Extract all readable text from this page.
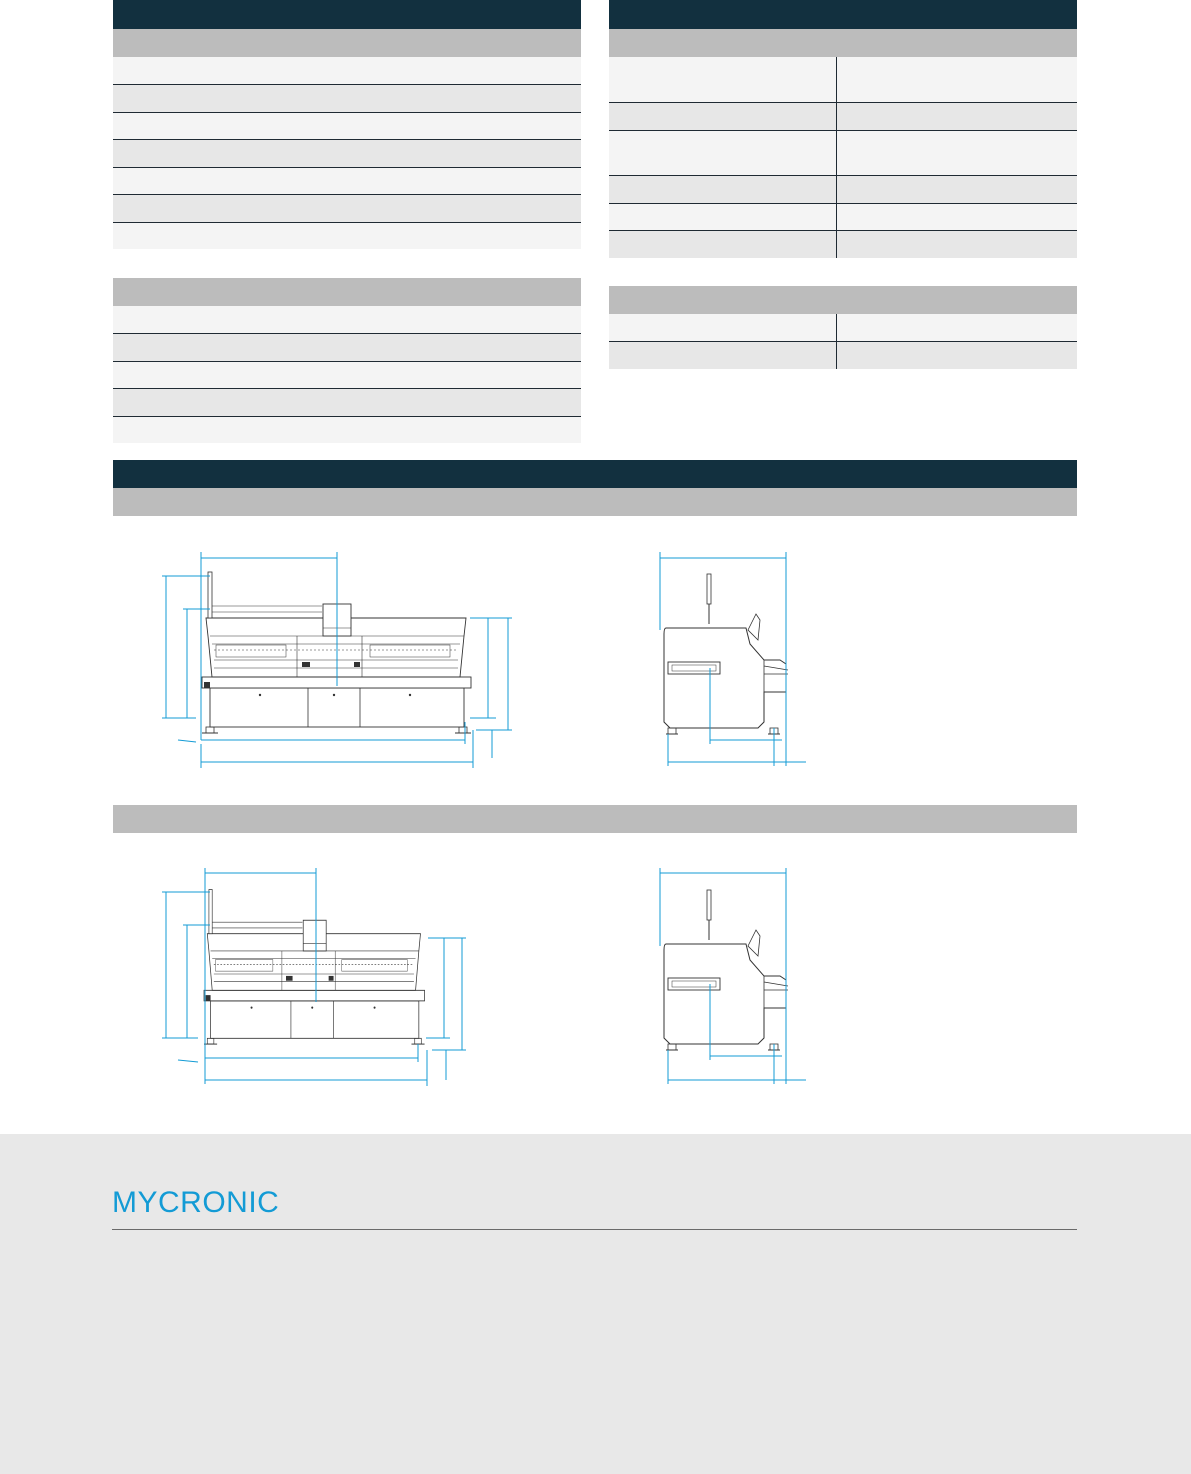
MYCRONIC
